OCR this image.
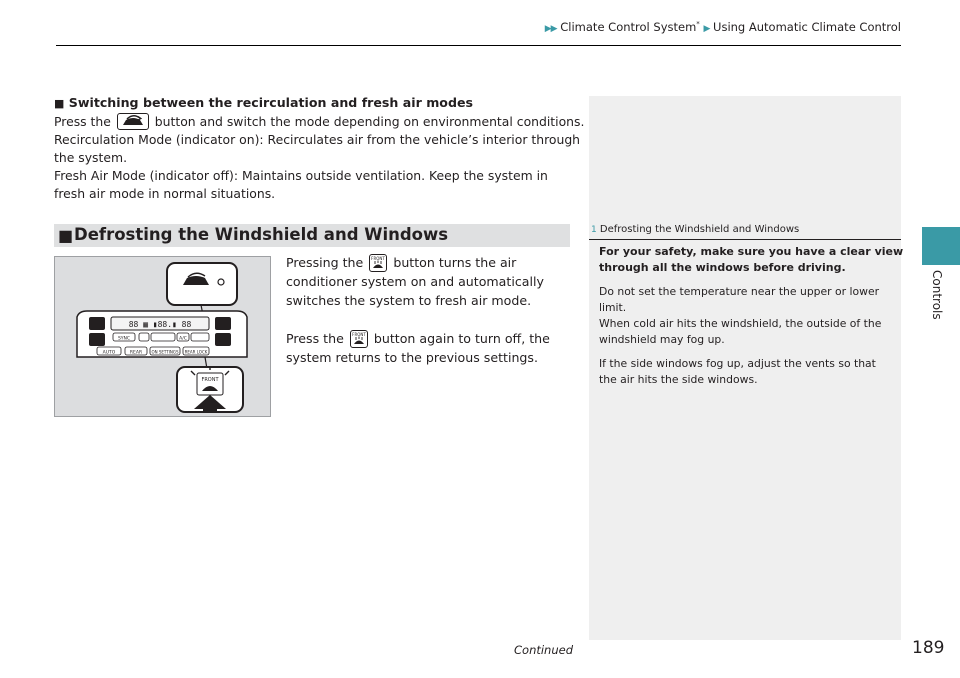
▶▶ Climate Control System* ▶ Using Automatic Climate Control
Controls

■ Switching between the recirculation and fresh air modes

Press the	button and switch the mode depending on environmental conditions.

Recirculation Mode (indicator on): Recirculates air from the vehicle’s interior through

the system.

Fresh Air Mode (indicator off): Maintains outside ventilation. Keep the system in

fresh air mode in normal situations.

■ Defrosting the Windshield and Windows
88 ▦ ▮88.▮ 88
SYNC	A/C
AUTO	REAR ON SETTINGS REAR LOCK
FRONT

Pressing the FRONT button turns the air

conditioner system on and automatically

switches the system to fresh air mode.

Press the FRONT button again to turn off, the

system returns to the previous settings.

1 Defrosting the Windshield and Windows

For your safety, make sure you have a clear view

through all the windows before driving.

Do not set the temperature near the upper or lower

limit.

When cold air hits the windshield, the outside of the

windshield may fog up.

If the side windows fog up, adjust the vents so that

the air hits the side windows.

Continued	189
